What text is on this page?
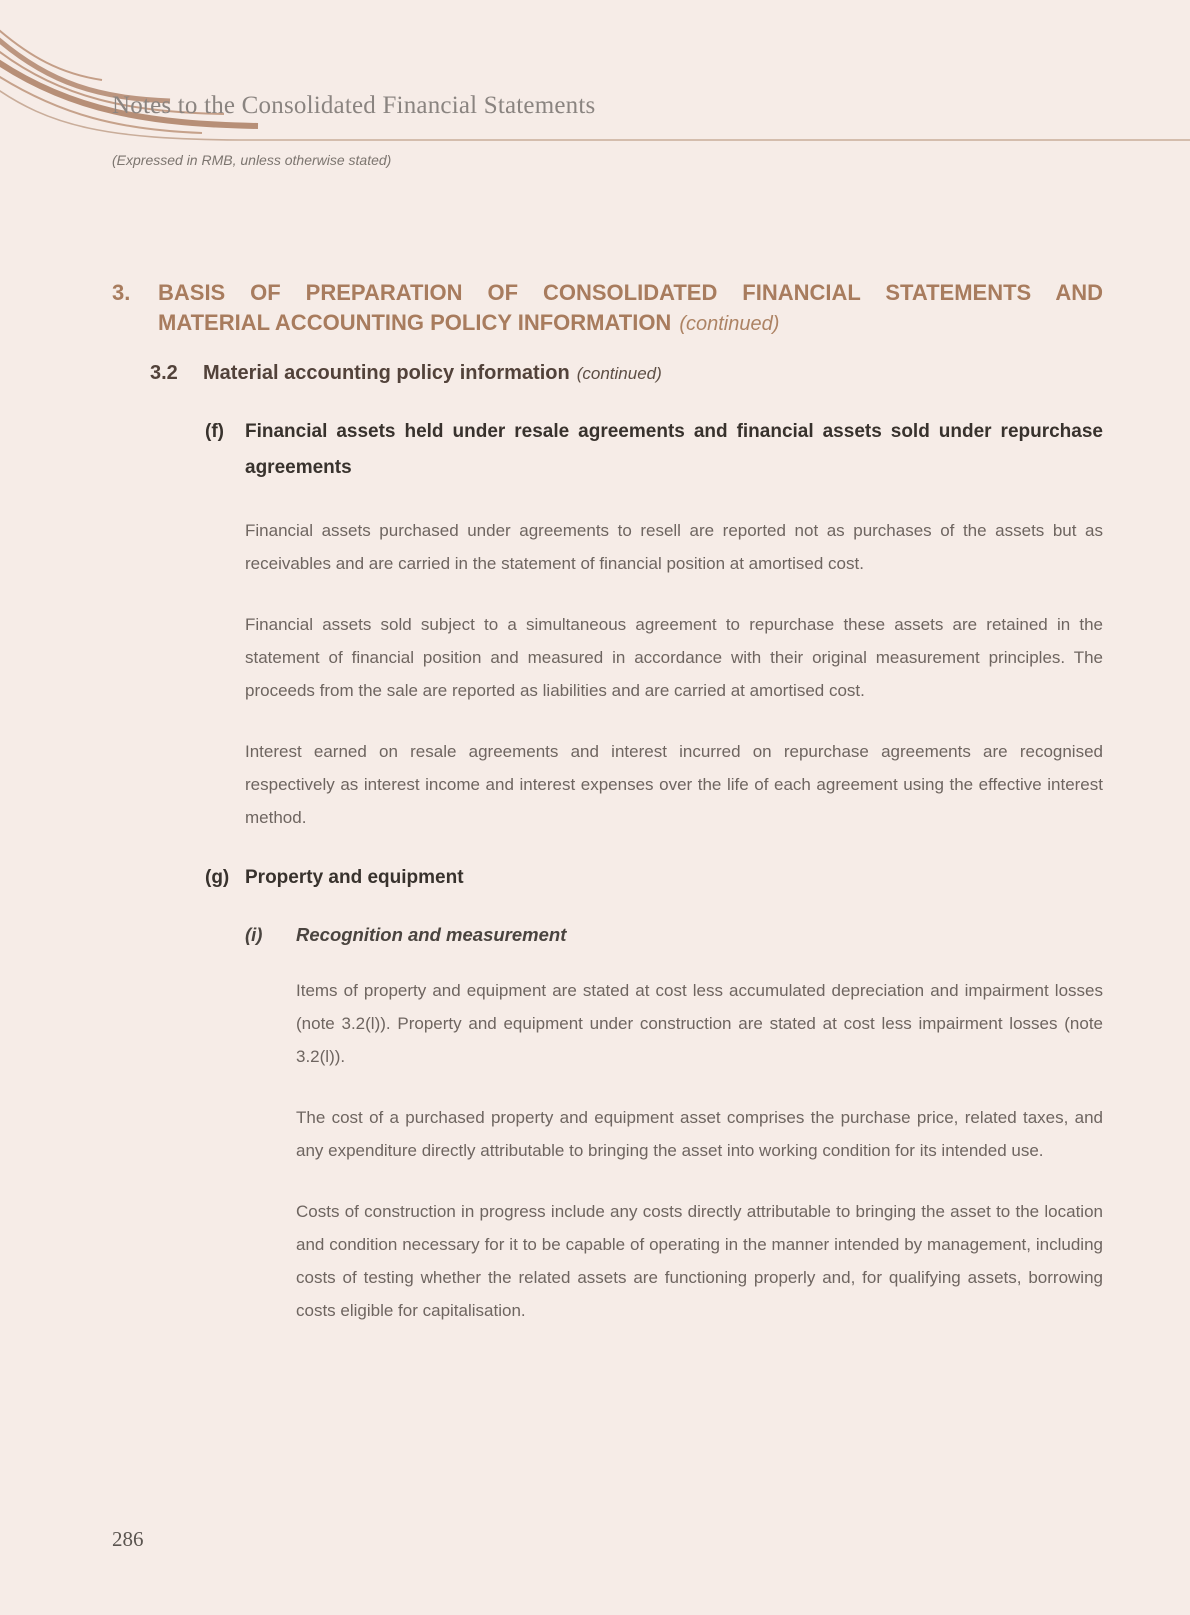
Notes to the Consolidated Financial Statements
(Expressed in RMB, unless otherwise stated)
3.	BASIS OF PREPARATION OF CONSOLIDATED FINANCIAL STATEMENTS AND
MATERIAL ACCOUNTING POLICY INFORMATION (continued)
3.2	Material accounting policy information (continued)
(f)	Financial assets held under resale agreements and financial assets sold under repurchase agreements

Financial assets purchased under agreements to resell are reported not as purchases of the assets but as receivables and are carried in the statement of financial position at amortised cost.

Financial assets sold subject to a simultaneous agreement to repurchase these assets are retained in the statement of financial position and measured in accordance with their original measurement principles. The proceeds from the sale are reported as liabilities and are carried at amortised cost.

Interest earned on resale agreements and interest incurred on repurchase agreements are recognised respectively as interest income and interest expenses over the life of each agreement using the effective interest method.

(g) Property and equipment
(i)	Recognition and measurement

Items of property and equipment are stated at cost less accumulated depreciation and impairment losses (note 3.2(l)). Property and equipment under construction are stated at cost less impairment losses (note 3.2(l)).

The cost of a purchased property and equipment asset comprises the purchase price, related taxes, and any expenditure directly attributable to bringing the asset into working condition for its intended use.

Costs of construction in progress include any costs directly attributable to bringing the asset to the location and condition necessary for it to be capable of operating in the manner intended by management, including costs of testing whether the related assets are functioning properly and, for qualifying assets, borrowing costs eligible for capitalisation.

286
